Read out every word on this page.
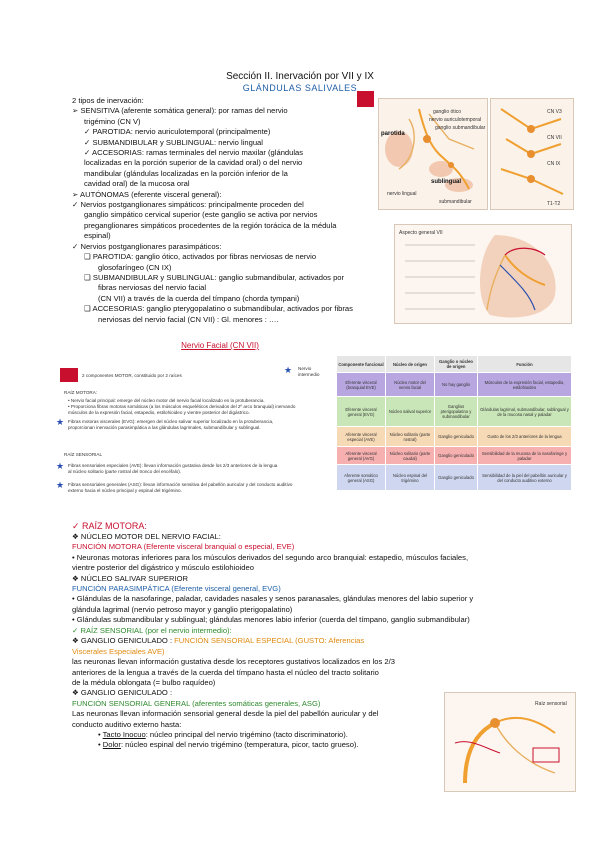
Sección II. Inervación por VII y IX
GLÁNDULAS SALIVALES
2 tipos de inervación:
➢ SENSITIVA (aferente somática general): por ramas del nervio
trigémino (CN V)
✓ PAROTIDA: nervio auriculotemporal (principalmente)
✓ SUBMANDIBULAR y SUBLINGUAL: nervio lingual
✓ ACCESORIAS: ramas terminales del nervio maxilar (glándulas
localizadas en la porción superior de la cavidad oral) o del nervio
mandibular (glándulas localizadas en la porción inferior de la
cavidad oral) de la mucosa oral
➢ AUTÓNOMAS (eferente visceral general):
✓ Nervios postganglionares simpáticos: principalmente proceden del
ganglio simpático cervical superior (este ganglio se activa por nervios
preganglionares simpáticos procedentes de la región torácica de la médula
espinal)
✓ Nervios postganglionares parasimpáticos:
❑ PAROTIDA: ganglio ótico, activados por fibras nerviosas de nervio
glosofaríngeo (CN IX)
❑ SUBMANDIBULAR y SUBLINGUAL: ganglio submandibular, activados por
fibras nerviosas del nervio facial
(CN VII) a través de la cuerda del tímpano (chorda tympani)
❑ ACCESORIAS: ganglio pterygopalatino o submandibular, activados por fibras
nerviosas del nervio facial (CN VII) : Gl. menores : ….
parotida
ganglio ótico
sublingual
submandibular
ganglio submandibular
nervio lingual
nervio auriculotemporal
CN V3
CN VII
CN IX
T1-T2
Aspecto general VII
Nervio Facial (CN VII)
2 componentes MOTOR, constituido por 2 raíces
★ Nervio intermedio
RAÍZ MOTORA:
• Nervio facial principal: emerge del núcleo motor del nervio facial localizado en la protuberancia.
• Proporciona fibras motoras somáticas (a los músculos esqueléticos derivados del 2º arco branquial) inervando
músculos de la expresión facial, estapedio, estilohioideo y vientre posterior del digástrico.
★ Fibras motoras viscerales (EVG): emergen del núcleo salivar superior localizado en la protuberancia,
proporcionan inervación parasimpática a las glándulas lagrimales, submandibular y sublingual.
RAÍZ SENSORIAL
★ Fibras sensoriales especiales (AVE): llevan información gustativa desde los 2/3 anteriores de la lengua
al núcleo solitario (parte rostral del tronco del encéfalo).
★ Fibras sensoriales generales (ASG): llevan información sensitiva del pabellón auricular y del conducto auditivo
externo hacia el núcleo principal y espinal del trigémino.
Componente funcional	Núcleo de origen	Ganglio o núcleo de origen	Función
Eferente visceral (branquial EVE)	Núcleo motor del nervio facial	No hay ganglio	Músculos de la expresión facial, estapedio, estilohioideo
Eferente visceral general (EVG)	Núcleo salival superior	Ganglios pterigopalatino y submandibular	Glándulas lagrimal, submandibular, sublingual y de la mucosa nasal y paladar
Aferente visceral especial (AVE)	Núcleo solitario (parte rostral)	Ganglio geniculado	Gusto de los 2/3 anteriores de la lengua
Aferente visceral general (AVG)	Núcleo solitario (parte caudal)	Ganglio geniculado	Sensibilidad de la mucosa de la nasofaringe y paladar
Aferente somático general (ASG)	Núcleo espinal del trigémino	Ganglio geniculado	Sensibilidad de la piel del pabellón auricular y del conducto auditivo externo
✓ RAÍZ MOTORA:
❖ NÚCLEO MOTOR DEL NERVIO FACIAL:
FUNCIÓN MOTORA (Eferente visceral branquial o especial, EVE)
• Neuronas motoras inferiores para los músculos derivados del segundo arco branquial: estapedio, músculos faciales,
vientre posterior del digástrico y músculo estilohioideo
❖ NÚCLEO SALIVAR SUPERIOR
FUNCIÓN PARASIMPÁTICA (Eferente visceral general, EVG)
• Glándulas de la nasofaringe, paladar, cavidades nasales y senos paranasales, glándulas menores del labio superior y
glándula lagrimal (nervio petroso mayor y ganglio pterigopalatino)
• Glándulas submandibular y sublingual; glándulas menores labio inferior (cuerda del tímpano, ganglio submandibular)
✓ RAÍZ SENSORIAL (por el nervio intermedio):
❖ GANGLIO GENICULADO : FUNCIÓN SENSORIAL ESPECIAL (GUSTO: Aferencias
Viscerales Especiales AVE)
las neuronas llevan información gustativa desde los receptores gustativos localizados en los 2/3
anteriores de la lengua a través de la cuerda del tímpano hasta el núcleo del tracto solitario
de la médula oblongata (= bulbo raquídeo)
❖ GANGLIO GENICULADO :
FUNCIÓN SENSORIAL GENERAL (aferentes somáticas generales, ASG)
Las neuronas llevan información sensorial general desde la piel del pabellón auricular y del
conducto auditivo externo hasta:
• Tacto Inocuo: núcleo principal del nervio trigémino (tacto discriminatorio).
• Dolor: núcleo espinal del nervio trigémino (temperatura, picor, tacto grueso).
Raíz sensorial
